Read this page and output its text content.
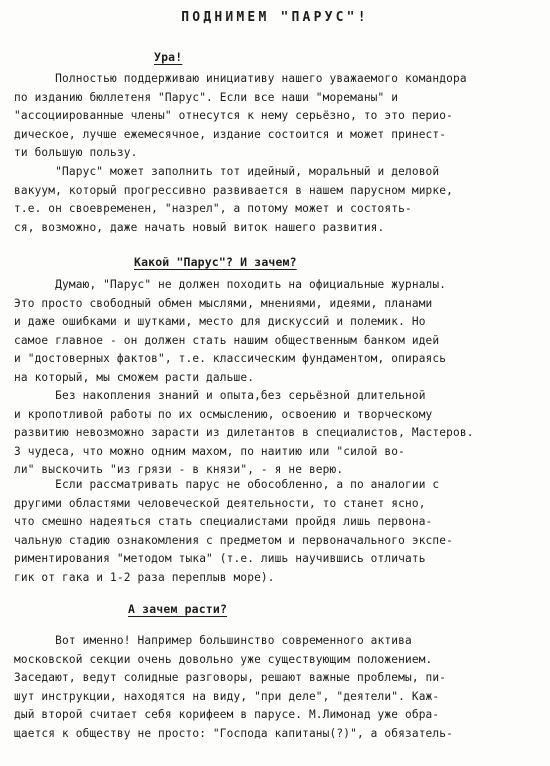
ПОДНИМЕМ "ПАРУС"!
Ура!
Полностью поддерживаю инициативу нашего уважаемого командора
по изданию бюллетеня "Парус". Если все наши "мореманы" и
"ассоциированные члены" отнесутся к нему серьёзно, то это перио-
дическое, лучше ежемесячное, издание состоится и может принест-
ти большую пользу.
"Парус" может заполнить тот идейный, моральный и деловой
вакуум, который прогрессивно развивается в нашем парусном мирке,
т.е. он своевременен, "назрел", а потому может и состоять-
ся, возможно, даже начать новый виток нашего развития.
Какой "Парус"? И зачем?
Думаю, "Парус" не должен походить на официальные журналы.
Это просто свободный обмен мыслями, мнениями, идеями, планами
и даже ошибками и шутками, место для дискуссий и полемик. Но
самое главное - он должен стать нашим общественным банком идей
и "достоверных фактов", т.е. классическим фундаментом, опираясь
на который, мы сможем расти дальше.
Без накопления знаний и опыта,без серьёзной длительной
и кропотливой работы по их осмыслению, освоению и творческому
развитию невозможно зарасти из дилетантов в специалистов, Мастеров.
З чудеса, что можно одним махом, по наитию или "силой во-
ли" выскочить "из грязи - в князи", - я не верю.
Если рассматривать парус не обособленно, а по аналогии с
другими областями человеческой деятельности, то станет ясно,
что смешно надеяться стать специалистами пройдя лишь первона-
чальную стадию ознакомления с предметом и первоначального экспе-
риментирования "методом тыка" (т.е. лишь научившись отличать
гик от гака и 1-2 раза переплыв море).
А зачем расти?
Вот именно! Например большинство современного актива
московской секции очень довольно уже существующим положением.
Заседают, ведут солидные разговоры, решают важные проблемы, пи-
шут инструкции, находятся на виду, "при деле", "деятели". Каж-
дый второй считает себя корифеем в парусе. М.Лимонад уже обра-
щается к обществу не просто: "Господа капитаны(?)", а обязатель-
